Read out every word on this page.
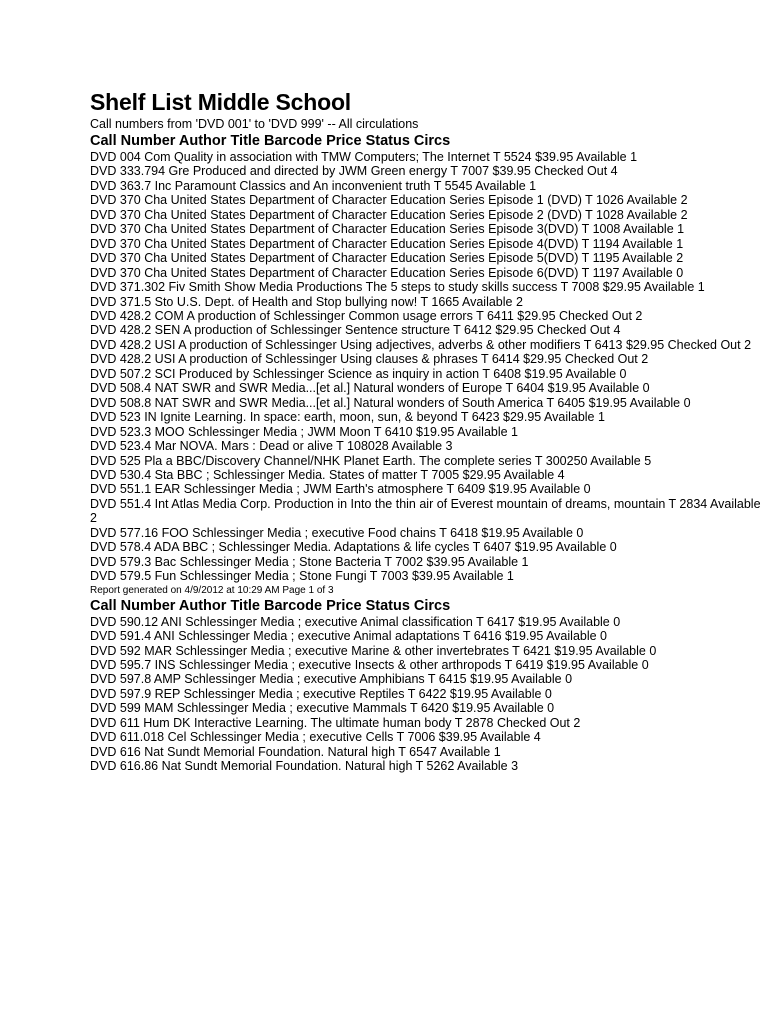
Shelf List Middle School

Call numbers from 'DVD 001' to 'DVD 999' -- All circulations

Call Number Author Title Barcode Price Status Circs
DVD 004 Com Quality in association with TMW Computers; The Internet T 5524 $39.95 Available 1
DVD 333.794 Gre Produced and directed by JWM Green energy T 7007 $39.95 Checked Out 4
DVD 363.7 Inc Paramount Classics and An inconvenient truth T 5545 Available 1
DVD 370 Cha United States Department of Character Education Series Episode 1 (DVD) T 1026 Available 2
DVD 370 Cha United States Department of Character Education Series Episode 2 (DVD) T 1028 Available 2
DVD 370 Cha United States Department of Character Education Series Episode 3(DVD) T 1008 Available 1
DVD 370 Cha United States Department of Character Education Series Episode 4(DVD) T 1194 Available 1
DVD 370 Cha United States Department of Character Education Series Episode 5(DVD) T 1195 Available 2
DVD 370 Cha United States Department of Character Education Series Episode 6(DVD) T 1197 Available 0
DVD 371.302 Fiv Smith Show Media Productions The 5 steps to study skills success T 7008 $29.95 Available 1
DVD 371.5 Sto U.S. Dept. of Health and Stop bullying now! T 1665 Available 2
DVD 428.2 COM A production of Schlessinger Common usage errors T 6411 $29.95 Checked Out 2
DVD 428.2 SEN A production of Schlessinger Sentence structure T 6412 $29.95 Checked Out 4
DVD 428.2 USI A production of Schlessinger Using adjectives, adverbs & other modifiers T 6413 $29.95 Checked Out 2
DVD 428.2 USI A production of Schlessinger Using clauses & phrases T 6414 $29.95 Checked Out 2
DVD 507.2 SCI Produced by Schlessinger Science as inquiry in action T 6408 $19.95 Available 0
DVD 508.4 NAT SWR and SWR Media...[et al.] Natural wonders of Europe T 6404 $19.95 Available 0
DVD 508.8 NAT SWR and SWR Media...[et al.] Natural wonders of South America T 6405 $19.95 Available 0
DVD 523 IN Ignite Learning. In space: earth, moon, sun, & beyond T 6423 $29.95 Available 1
DVD 523.3 MOO Schlessinger Media ; JWM Moon T 6410 $19.95 Available 1
DVD 523.4 Mar NOVA. Mars : Dead or alive T 108028 Available 3
DVD 525 Pla a BBC/Discovery Channel/NHK Planet Earth. The complete series T 300250 Available 5
DVD 530.4 Sta BBC ; Schlessinger Media. States of matter T 7005 $29.95 Available 4
DVD 551.1 EAR Schlessinger Media ; JWM Earth's atmosphere T 6409 $19.95 Available 0
DVD 551.4 Int Atlas Media Corp. Production in Into the thin air of Everest mountain of dreams, mountain T 2834 Available 2
DVD 577.16 FOO Schlessinger Media ; executive Food chains T 6418 $19.95 Available 0
DVD 578.4 ADA BBC ; Schlessinger Media. Adaptations & life cycles T 6407 $19.95 Available 0
DVD 579.3 Bac Schlessinger Media ; Stone Bacteria T 7002 $39.95 Available 1
DVD 579.5 Fun Schlessinger Media ; Stone Fungi T 7003 $39.95 Available 1

Report generated on 4/9/2012 at 10:29 AM Page 1 of 3

Call Number Author Title Barcode Price Status Circs
DVD 590.12 ANI Schlessinger Media ; executive Animal classification T 6417 $19.95 Available 0
DVD 591.4 ANI Schlessinger Media ; executive Animal adaptations T 6416 $19.95 Available 0
DVD 592 MAR Schlessinger Media ; executive Marine & other invertebrates T 6421 $19.95 Available 0
DVD 595.7 INS Schlessinger Media ; executive Insects & other arthropods T 6419 $19.95 Available 0
DVD 597.8 AMP Schlessinger Media ; executive Amphibians T 6415 $19.95 Available 0
DVD 597.9 REP Schlessinger Media ; executive Reptiles T 6422 $19.95 Available 0
DVD 599 MAM Schlessinger Media ; executive Mammals T 6420 $19.95 Available 0
DVD 611 Hum DK Interactive Learning. The ultimate human body T 2878 Checked Out 2
DVD 611.018 Cel Schlessinger Media ; executive Cells T 7006 $39.95 Available 4
DVD 616 Nat Sundt Memorial Foundation. Natural high T 6547 Available 1
DVD 616.86 Nat Sundt Memorial Foundation. Natural high T 5262 Available 3
